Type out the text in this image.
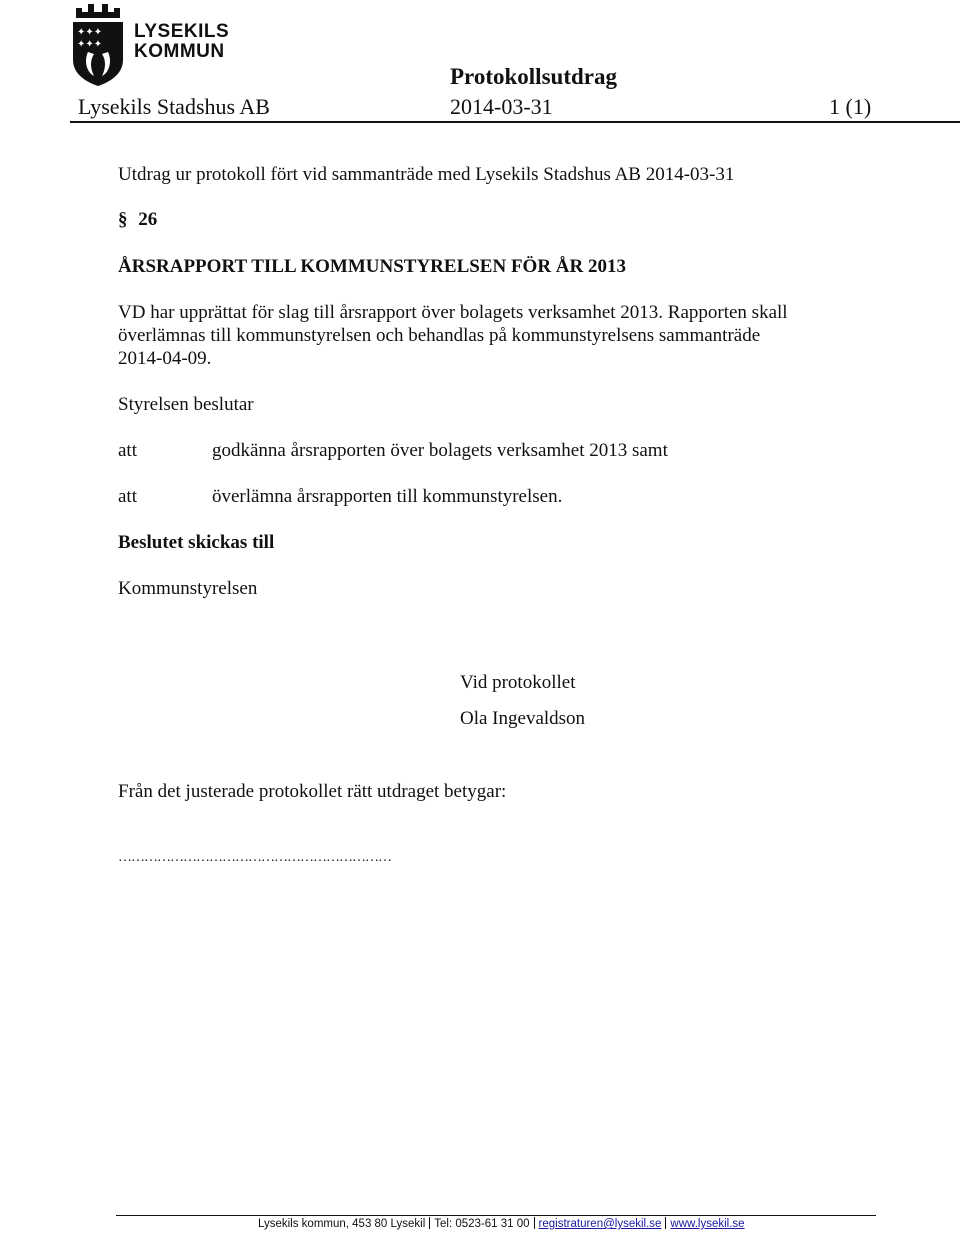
✦✦✦
✦✦✦
LYSEKILS
KOMMUN
Protokollsutdrag
Lysekils Stadshus AB	2014-03-31	1 (1)
Utdrag ur protokoll fört vid sammanträde med Lysekils Stadshus AB 2014-03-31
§ 26
ÅRSRAPPORT TILL KOMMUNSTYRELSEN FÖR ÅR 2013
VD har upprättat för slag till årsrapport över bolagets verksamhet 2013. Rapporten skall
överlämnas till kommunstyrelsen och behandlas på kommunstyrelsens sammanträde
2014-04-09.
Styrelsen beslutar
att	godkänna årsrapporten över bolagets verksamhet 2013 samt
att	överlämna årsrapporten till kommunstyrelsen.
Beslutet skickas till
Kommunstyrelsen
Vid protokollet
Ola Ingevaldson
Från det justerade protokollet rätt utdraget betygar:
………………………………………………………
Lysekils kommun, 453 80 Lysekil Tel: 0523-61 31 00 registraturen@lysekil.se www.lysekil.se
